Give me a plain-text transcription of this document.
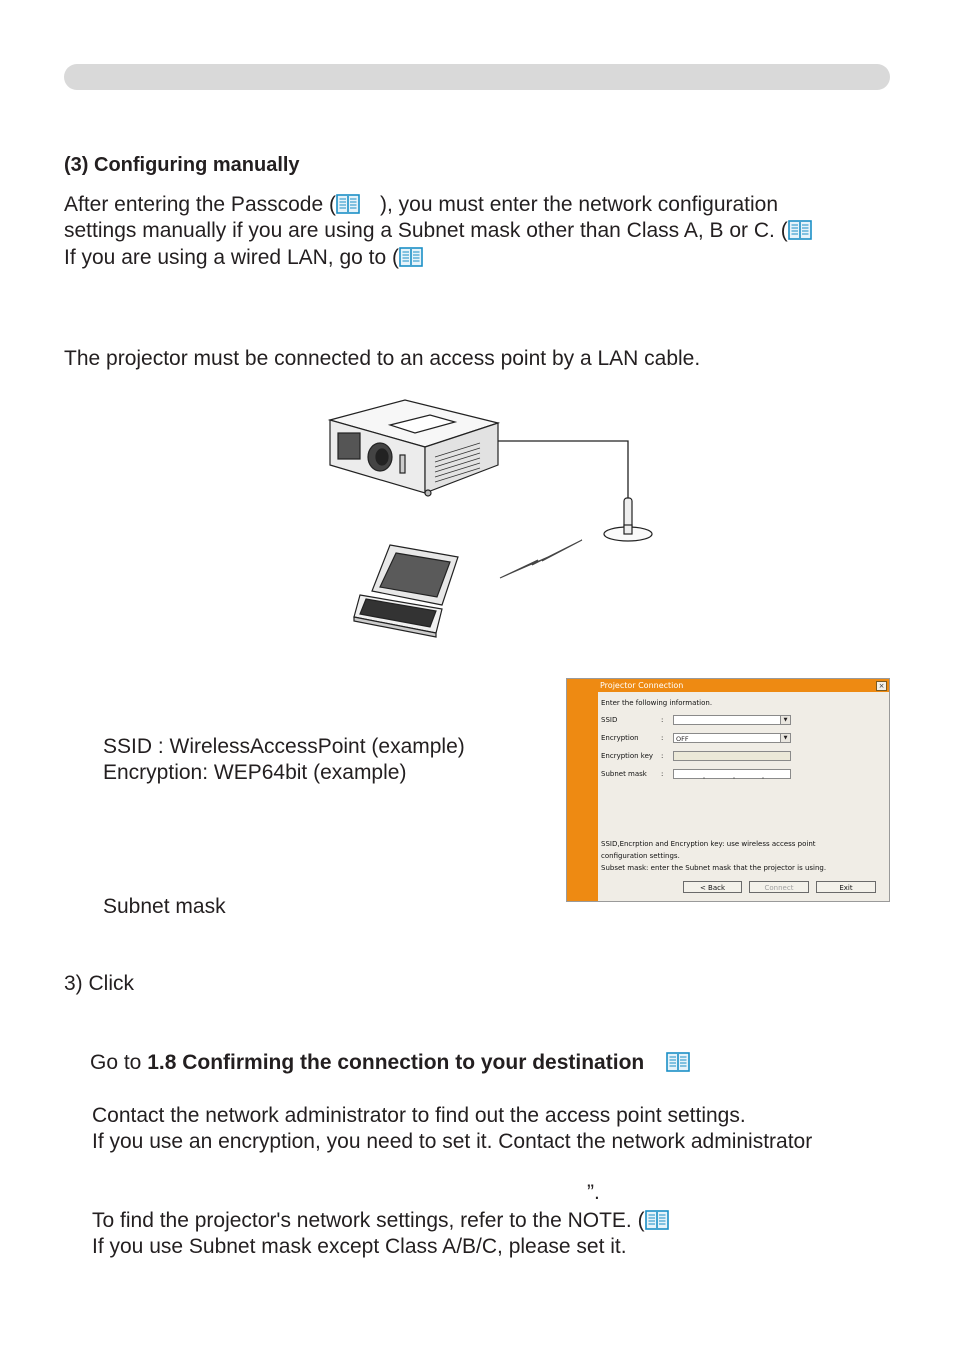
(3) Configuring manually
After entering the Passcode ( ), you must enter the network configuration
settings manually if you are using a Subnet mask other than Class A, B or C. (
If you are using a wired LAN, go to (
The projector must be connected to an access point by a LAN cable.
SSID : WirelessAccessPoint (example)
Encryption: WEP64bit (example)
Subnet mask
3) Click
Go to 1.8 Confirming the connection to your destination
Contact the network administrator to find out the access point settings.
If you use an encryption, you need to set it. Contact the network administrator
”.
To find the projector's network settings, refer to the NOTE. (
If you use Subnet mask except Class A/B/C, please set it.
Projector Connection	×
Enter the following information.
SSID	:	▼
Encryption	:	OFF	▼
Encryption key :
Subnet mask :
SSID,Encrption and Encryption key: use wireless access point
configuration settings.
Subset mask: enter the Subnet mask that the projector is using.
< Back	Connect	Exit
